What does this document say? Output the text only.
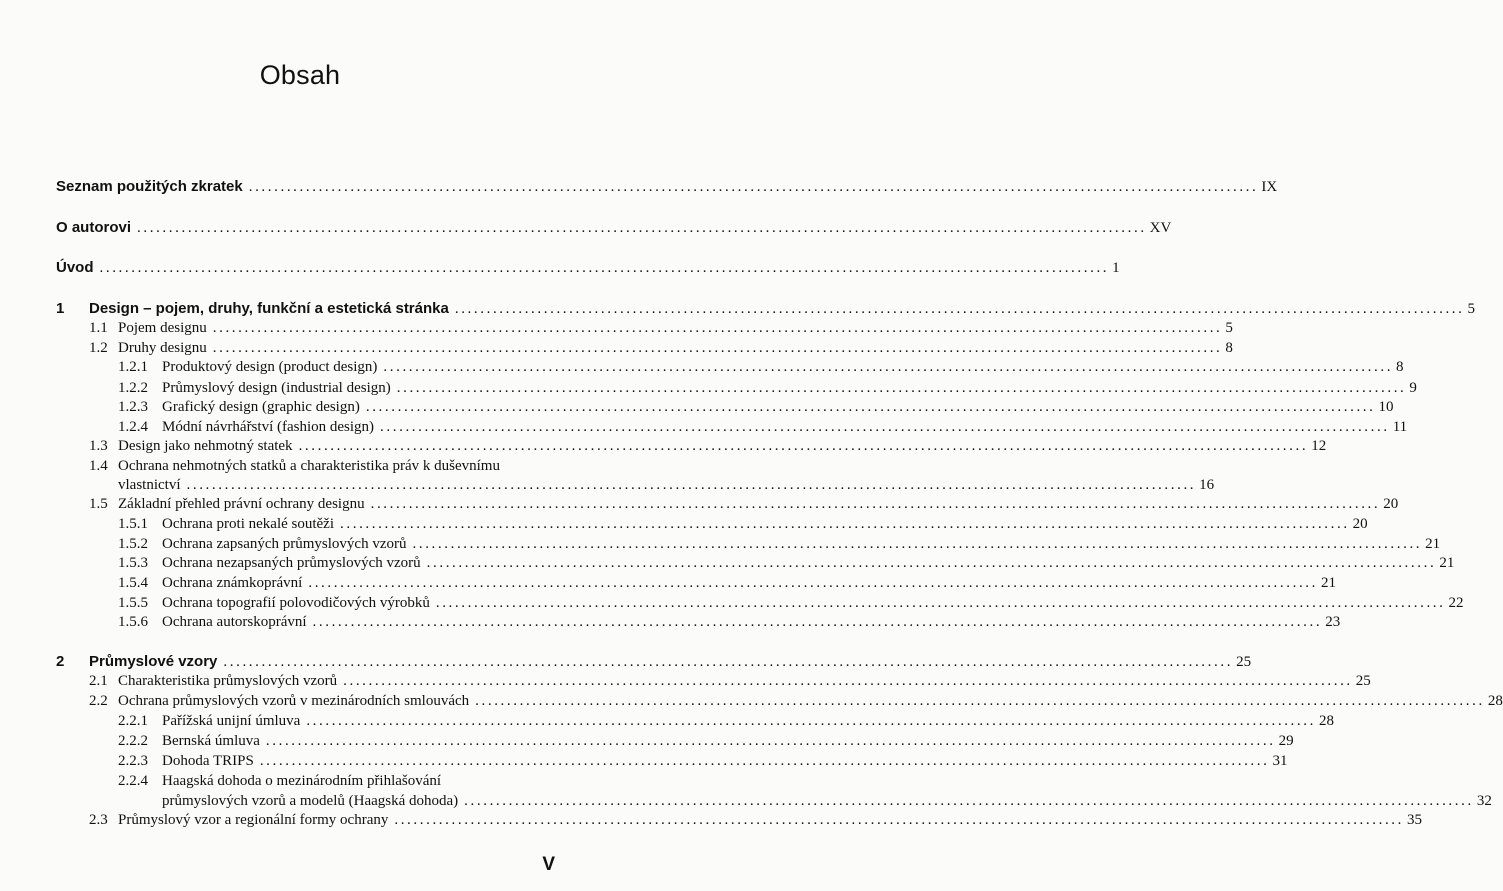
Obsah
Seznam použitých zkratek ............................................................................................................................................................... IX
O autorovi ............................................................................................................................................................... XV
Úvod ............................................................................................................................................................... 1
1 Design – pojem, druhy, funkční a estetická stránka ............................................................................................................................................................... 5
1.1 Pojem designu ............................................................................................................................................................... 5
1.2 Druhy designu ............................................................................................................................................................... 8
1.2.1 Produktový design (product design) ............................................................................................................................................................... 8
1.2.2 Průmyslový design (industrial design) ............................................................................................................................................................... 9
1.2.3 Grafický design (graphic design) ............................................................................................................................................................... 10
1.2.4 Módní návrhářství (fashion design) ............................................................................................................................................................... 11
1.3 Design jako nehmotný statek ............................................................................................................................................................... 12
1.4 Ochrana nehmotných statků a charakteristika práv k duševnímu
vlastnictví ............................................................................................................................................................... 16
1.5 Základní přehled právní ochrany designu ............................................................................................................................................................... 20
1.5.1 Ochrana proti nekalé soutěži ............................................................................................................................................................... 20
1.5.2 Ochrana zapsaných průmyslových vzorů ............................................................................................................................................................... 21
1.5.3 Ochrana nezapsaných průmyslových vzorů ............................................................................................................................................................... 21
1.5.4 Ochrana známkoprávní ............................................................................................................................................................... 21
1.5.5 Ochrana topografií polovodičových výrobků ............................................................................................................................................................... 22
1.5.6 Ochrana autorskoprávní ............................................................................................................................................................... 23
2 Průmyslové vzory ............................................................................................................................................................... 25
2.1 Charakteristika průmyslových vzorů ............................................................................................................................................................... 25
2.2 Ochrana průmyslových vzorů v mezinárodních smlouvách ............................................................................................................................................................... 28
2.2.1 Pařížská unijní úmluva ............................................................................................................................................................... 28
2.2.2 Bernská úmluva ............................................................................................................................................................... 29
2.2.3 Dohoda TRIPS ............................................................................................................................................................... 31
2.2.4 Haagská dohoda o mezinárodním přihlašování
průmyslových vzorů a modelů (Haagská dohoda) ............................................................................................................................................................... 32
2.3 Průmyslový vzor a regionální formy ochrany ............................................................................................................................................................... 35
V
